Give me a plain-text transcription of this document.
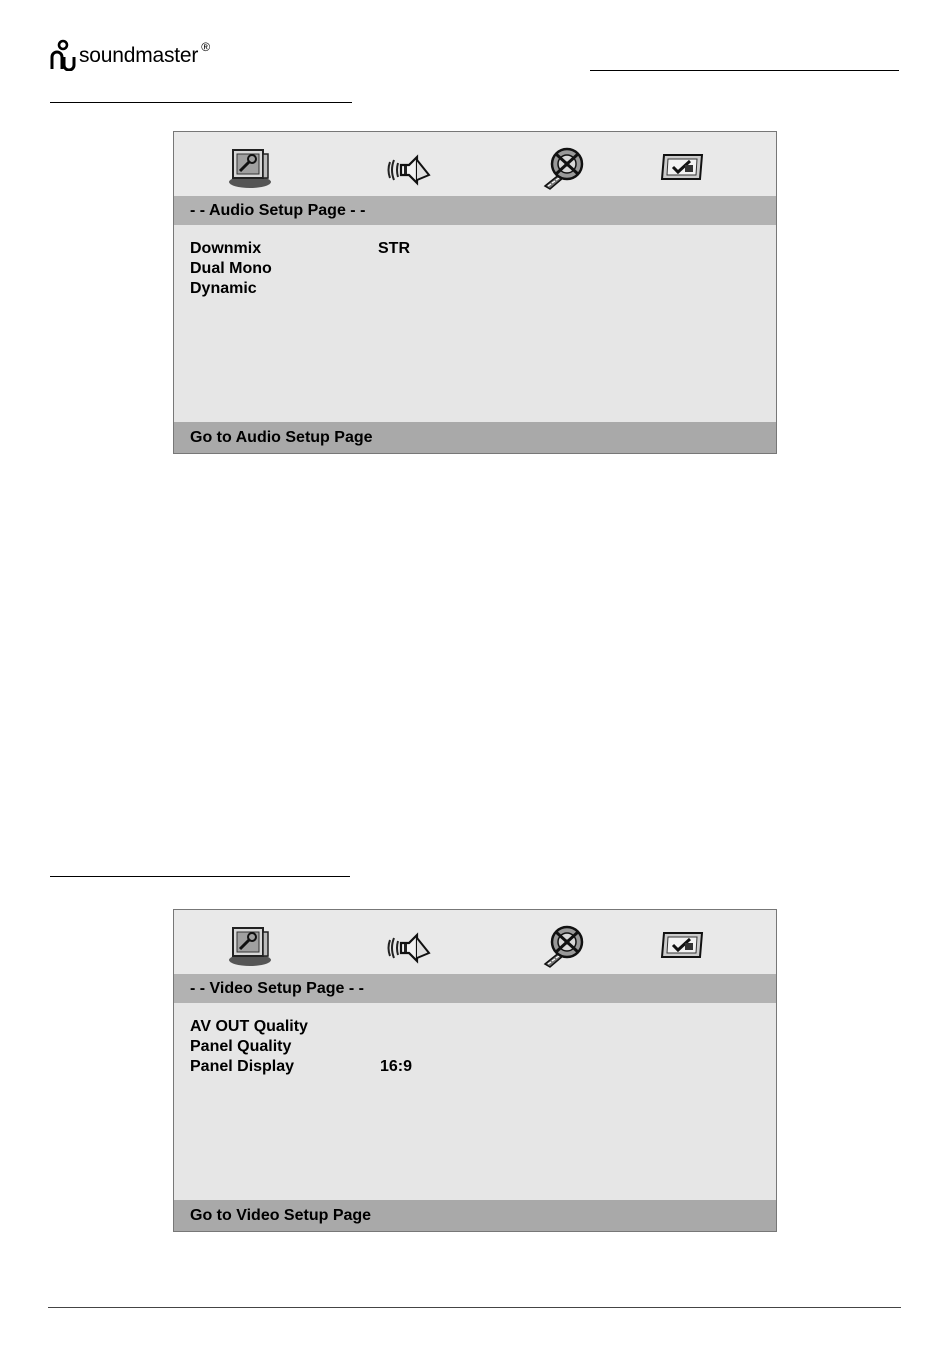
soundmaster ®
- - Audio Setup Page - -
Downmix	STR
Dual Mono
Dynamic
Go to Audio Setup Page
- - Video Setup Page - -
AV OUT Quality
Panel Quality
Panel Display	16:9
Go to Video Setup Page
